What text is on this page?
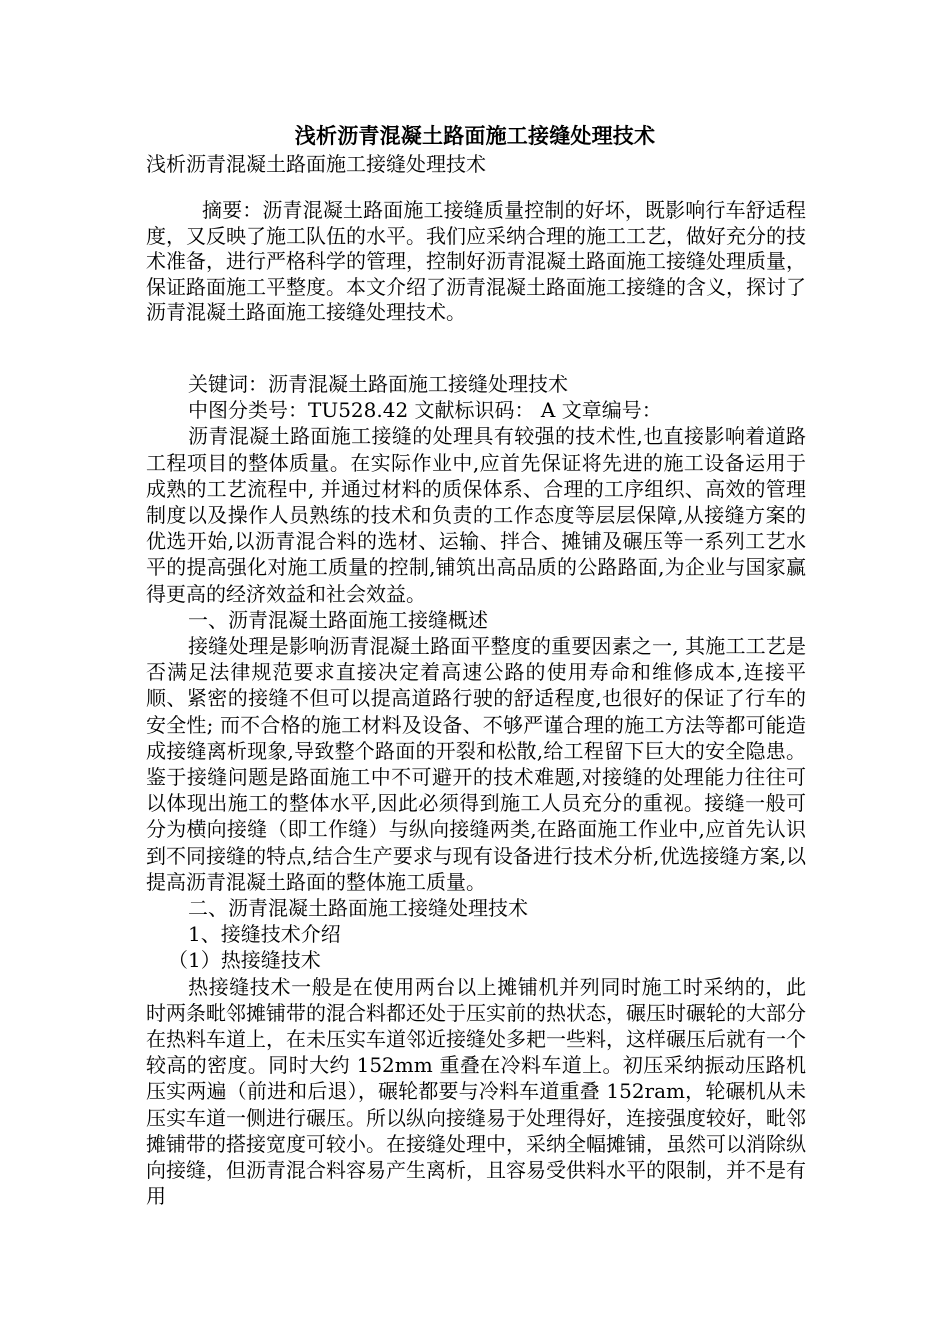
浅析沥青混凝土路面施工接缝处理技术
浅析沥青混凝土路面施工接缝处理技术

摘要：沥青混凝土路面施工接缝质量控制的好坏，既影响行车舒适程度，又反映了施工队伍的水平。我们应采纳合理的施工工艺，做好充分的技术准备，进行严格科学的管理，控制好沥青混凝土路面施工接缝处理质量，保证路面施工平整度。本文介绍了沥青混凝土路面施工接缝的含义，探讨了沥青混凝土路面施工接缝处理技术。

关键词：沥青混凝土路面施工接缝处理技术

中图分类号：TU528.42 文献标识码： A 文章编号：

沥青混凝土路面施工接缝的处理具有较强的技术性,也直接影响着道路工程项目的整体质量。在实际作业中,应首先保证将先进的施工设备运用于成熟的工艺流程中, 并通过材料的质保体系、合理的工序组织、高效的管理制度以及操作人员熟练的技术和负责的工作态度等层层保障,从接缝方案的优选开始,以沥青混合料的选材、运输、拌合、摊铺及碾压等一系列工艺水平的提高强化对施工质量的控制,铺筑出高品质的公路路面,为企业与国家赢得更高的经济效益和社会效益。

一、沥青混凝土路面施工接缝概述

接缝处理是影响沥青混凝土路面平整度的重要因素之一, 其施工工艺是否满足法律规范要求直接决定着高速公路的使用寿命和维修成本,连接平顺、紧密的接缝不但可以提高道路行驶的舒适程度,也很好的保证了行车的安全性; 而不合格的施工材料及设备、不够严谨合理的施工方法等都可能造成接缝离析现象,导致整个路面的开裂和松散,给工程留下巨大的安全隐患。鉴于接缝问题是路面施工中不可避开的技术难题,对接缝的处理能力往往可以体现出施工的整体水平,因此必须得到施工人员充分的重视。接缝一般可分为横向接缝（即工作缝）与纵向接缝两类,在路面施工作业中,应首先认识到不同接缝的特点,结合生产要求与现有设备进行技术分析,优选接缝方案,以提高沥青混凝土路面的整体施工质量。

二、沥青混凝土路面施工接缝处理技术

1、接缝技术介绍

（1）热接缝技术

热接缝技术一般是在使用两台以上摊铺机并列同时施工时采纳的，此时两条毗邻摊铺带的混合料都还处于压实前的热状态，碾压时碾轮的大部分在热料车道上，在未压实车道邻近接缝处多耙一些料，这样碾压后就有一个较高的密度。同时大约 152mm 重叠在冷料车道上。初压采纳振动压路机压实两遍（前进和后退），碾轮都要与冷料车道重叠 152ram，轮碾机从未压实车道一侧进行碾压。所以纵向接缝易于处理得好，连接强度较好，毗邻摊铺带的搭接宽度可较小。在接缝处理中，采纳全幅摊铺，虽然可以消除纵向接缝，但沥青混合料容易产生离析，且容易受供料水平的限制，并不是有用
